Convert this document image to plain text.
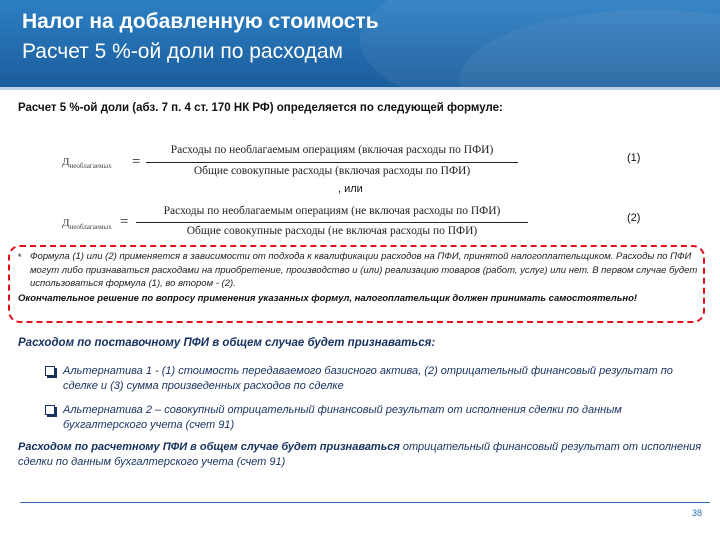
Налог на добавленную стоимость
Расчет 5 %-ой доли по расходам
Расчет 5 %-ой доли (абз. 7 п. 4 ст. 170 НК РФ) определяется по следующей формуле:
$Д_{необлагаемых}$ =
Расходы по необлагаемым операциям (включая расходы по ПФИ)
Общие совокупные расходы (включая расходы по ПФИ)
(1)
, или
$Д_{необлагаемых}$ =
Расходы по необлагаемым операциям (не включая расходы по ПФИ)
Общие совокупные расходы (не включая расходы по ПФИ)
(2)
* Формула (1) или (2) применяется в зависимости от подхода к квалификации расходов на ПФИ, принятой налогоплательщиком. Расходы по ПФИ могут либо признаваться расходами на приобретение, производство и (или) реализацию товаров (работ, услуг) или нет. В первом случае будет использоваться формула (1), во втором - (2).
Окончательное решение по вопросу применения указанных формул, налогоплательщик должен принимать самостоятельно!
Расходом по поставочному ПФИ в общем случае будет признаваться:
Альтернатива 1 - (1) стоимость передаваемого базисного актива, (2) отрицательный финансовый результат по сделке и (3) сумма произведенных расходов по сделке
Альтернатива 2 – совокупный отрицательный финансовый результат от исполнения сделки по данным бухгалтерского учета (счет 91)
Расходом по расчетному ПФИ в общем случае будет признаваться отрицательный финансовый результат от исполнения сделки по данным бухгалтерского учета (счет 91)
38
